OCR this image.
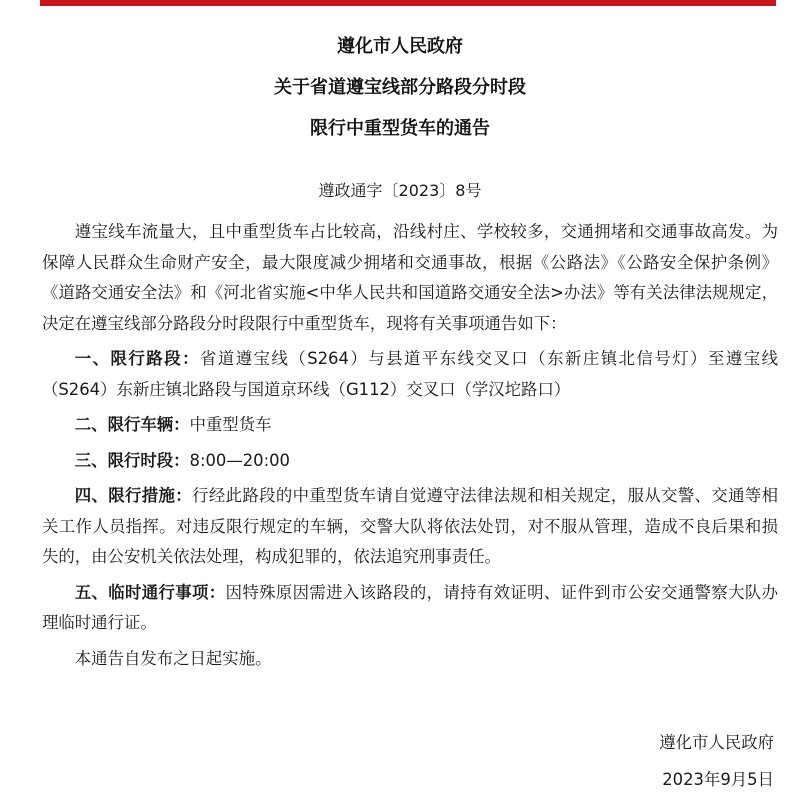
遵化市人民政府
关于省道遵宝线部分路段分时段
限行中重型货车的通告
遵政通字〔2023〕8号

遵宝线车流量大，且中重型货车占比较高，沿线村庄、学校较多，交通拥堵和交通事故高发。为保障人民群众生命财产安全，最大限度减少拥堵和交通事故，根据《公路法》《公路安全保护条例》《道路交通安全法》和《河北省实施<中华人民共和国道路交通安全法>办法》等有关法律法规规定，决定在遵宝线部分路段分时段限行中重型货车，现将有关事项通告如下：

一、限行路段：省道遵宝线（S264）与县道平东线交叉口（东新庄镇北信号灯）至遵宝线（S264）东新庄镇北路段与国道京环线（G112）交叉口（学汉坨路口）

二、限行车辆：中重型货车

三、限行时段：8:00—20:00

四、限行措施：行经此路段的中重型货车请自觉遵守法律法规和相关规定，服从交警、交通等相关工作人员指挥。对违反限行规定的车辆，交警大队将依法处罚，对不服从管理，造成不良后果和损失的，由公安机关依法处理，构成犯罪的，依法追究刑事责任。

五、临时通行事项：因特殊原因需进入该路段的，请持有效证明、证件到市公安交通警察大队办理临时通行证。

本通告自发布之日起实施。

遵化市人民政府
2023年9月5日
